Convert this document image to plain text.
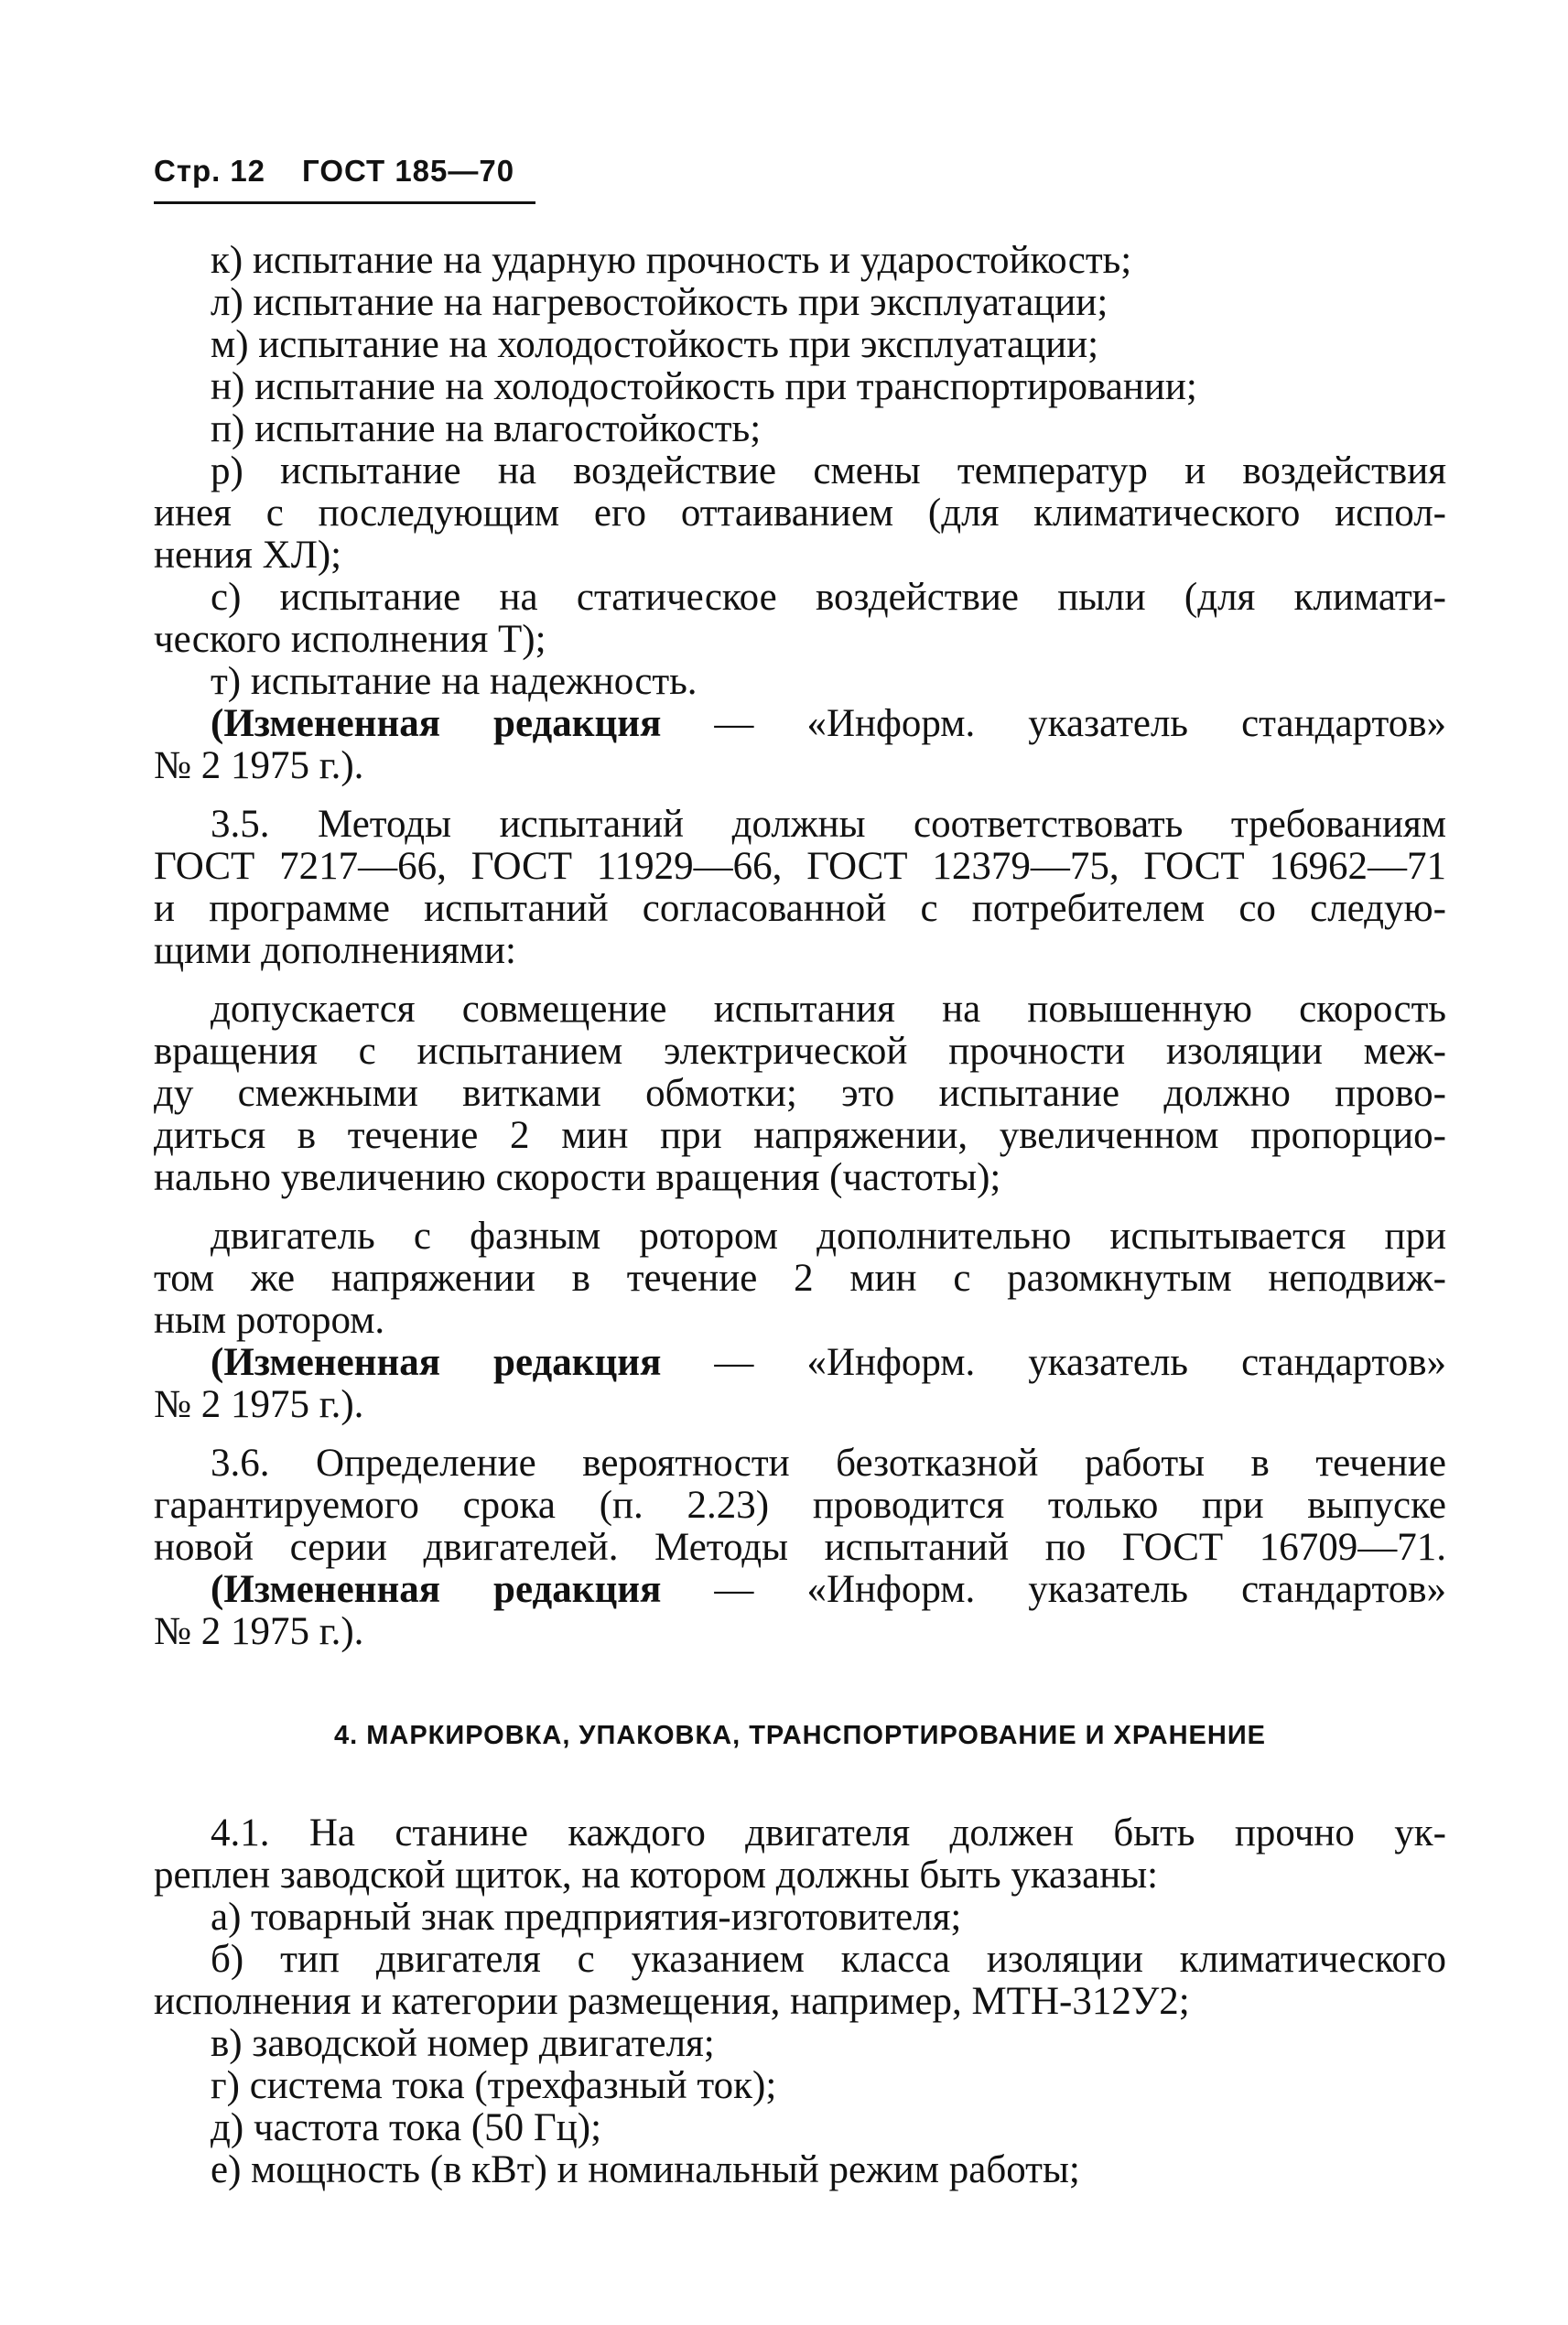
Стр. 12 ГОСТ 185—70

к) испытание на ударную прочность и ударостойкость;

л) испытание на нагревостойкость при эксплуатации;

м) испытание на холодостойкость при эксплуатации;

н) испытание на холодостойкость при транспортировании;

п) испытание на влагостойкость;

р) испытание на воздействие смены температур и воздействия

инея с последующим его оттаиванием (для климатического испол-

нения ХЛ);

с) испытание на статическое воздействие пыли (для климати-

ческого исполнения Т);

т) испытание на надежность.

(Измененная редакция — «Информ. указатель стандартов»

№ 2 1975 г.).

3.5. Методы испытаний должны соответствовать требованиям

ГОСТ 7217—66, ГОСТ 11929—66, ГОСТ 12379—75, ГОСТ 16962—71

и программе испытаний согласованной с потребителем со следую-

щими дополнениями:

допускается совмещение испытания на повышенную скорость

вращения с испытанием электрической прочности изоляции меж-

ду смежными витками обмотки; это испытание должно прово-

диться в течение 2 мин при напряжении, увеличенном пропорцио-

нально увеличению скорости вращения (частоты);

двигатель с фазным ротором дополнительно испытывается при

том же напряжении в течение 2 мин с разомкнутым неподвиж-

ным ротором.

(Измененная редакция — «Информ. указатель стандартов»

№ 2 1975 г.).

3.6. Определение вероятности безотказной работы в течение

гарантируемого срока (п. 2.23) проводится только при выпуске

новой серии двигателей. Методы испытаний по ГОСТ 16709—71.

(Измененная редакция — «Информ. указатель стандартов»

№ 2 1975 г.).

4. МАРКИРОВКА, УПАКОВКА, ТРАНСПОРТИРОВАНИЕ И ХРАНЕНИЕ

4.1. На станине каждого двигателя должен быть прочно ук-

реплен заводской щиток, на котором должны быть указаны:

а) товарный знак предприятия-изготовителя;

б) тип двигателя с указанием класса изоляции климатического

исполнения и категории размещения, например, МТН-312У2;

в) заводской номер двигателя;

г) система тока (трехфазный ток);

д) частота тока (50 Гц);

е) мощность (в кВт) и номинальный режим работы;
